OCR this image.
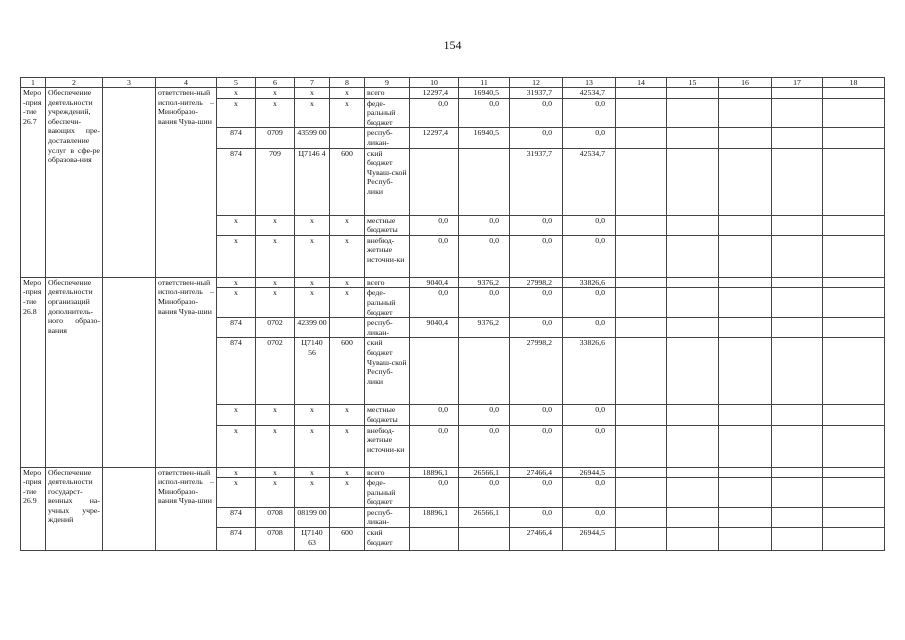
154
1	2	3	4	5	6	7	8	9	10	11	12	13	14	15	16	17	18
Меро-прия-тие 26.7	Обеспечение деятельности учреждений, обеспечи-вающих пре-доставление услуг в сфе-ре образова-ния		ответствен-ный испол-нитель – Минобразо-вания Чува-шии	х	х	х	х	всего	12297,4	16940,5	31937,7	42534,7					
				х	х	х	х	феде-ральный бюджет	0,0	0,0	0,0	0,0					
				874	0709	43599 00		респуб-ликан-	12297,4	16940,5	0,0	0,0					
				874	709	Ц7146 4	600	ский бюджет Чуваш-ской Респуб-лики			31937,7	42534,7					
				х	х	х	х	местные бюджеты	0,0	0,0	0,0	0,0					
				х	х	х	х	внебюд-жетные источни-ки	0,0	0,0	0,0	0,0					
Меро-прия-тие 26.8	Обеспечение деятельности организаций дополнитель-ного образо-вания		ответствен-ный испол-нитель – Минобразо-вания Чува-шии	х	х	х	х	всего	9040,4	9376,2	27998,2	33826,6					
				х	х	х	х	феде-ральный бюджет	0,0	0,0	0,0	0,0					
				874	0702	42399 00		респуб-ликан-	9040,4	9376,2	0,0	0,0					
				874	0702	Ц7140 56	600	ский бюджет Чуваш-ской Респуб-лики			27998,2	33826,6					
				х	х	х	х	местные бюджеты	0,0	0,0	0,0	0,0					
				х	х	х	х	внебюд-жетные источни-ки	0,0	0,0	0,0	0,0					
Меро-прия-тие 26.9	Обеспечение деятельности государст-венных на-учных учре-ждений		ответствен-ный испол-нитель – Минобразо-вания Чува-шии	х	х	х	х	всего	18896,1	26566,1	27466,4	26944,5					
				х	х	х	х	феде-ральный бюджет	0,0	0,0	0,0	0,0					
				874	0708	08199 00		респуб-ликан-	18896,1	26566,1	0,0	0,0					
				874	0708	Ц7140 63	600	ский бюджет			27466,4	26944,5					
